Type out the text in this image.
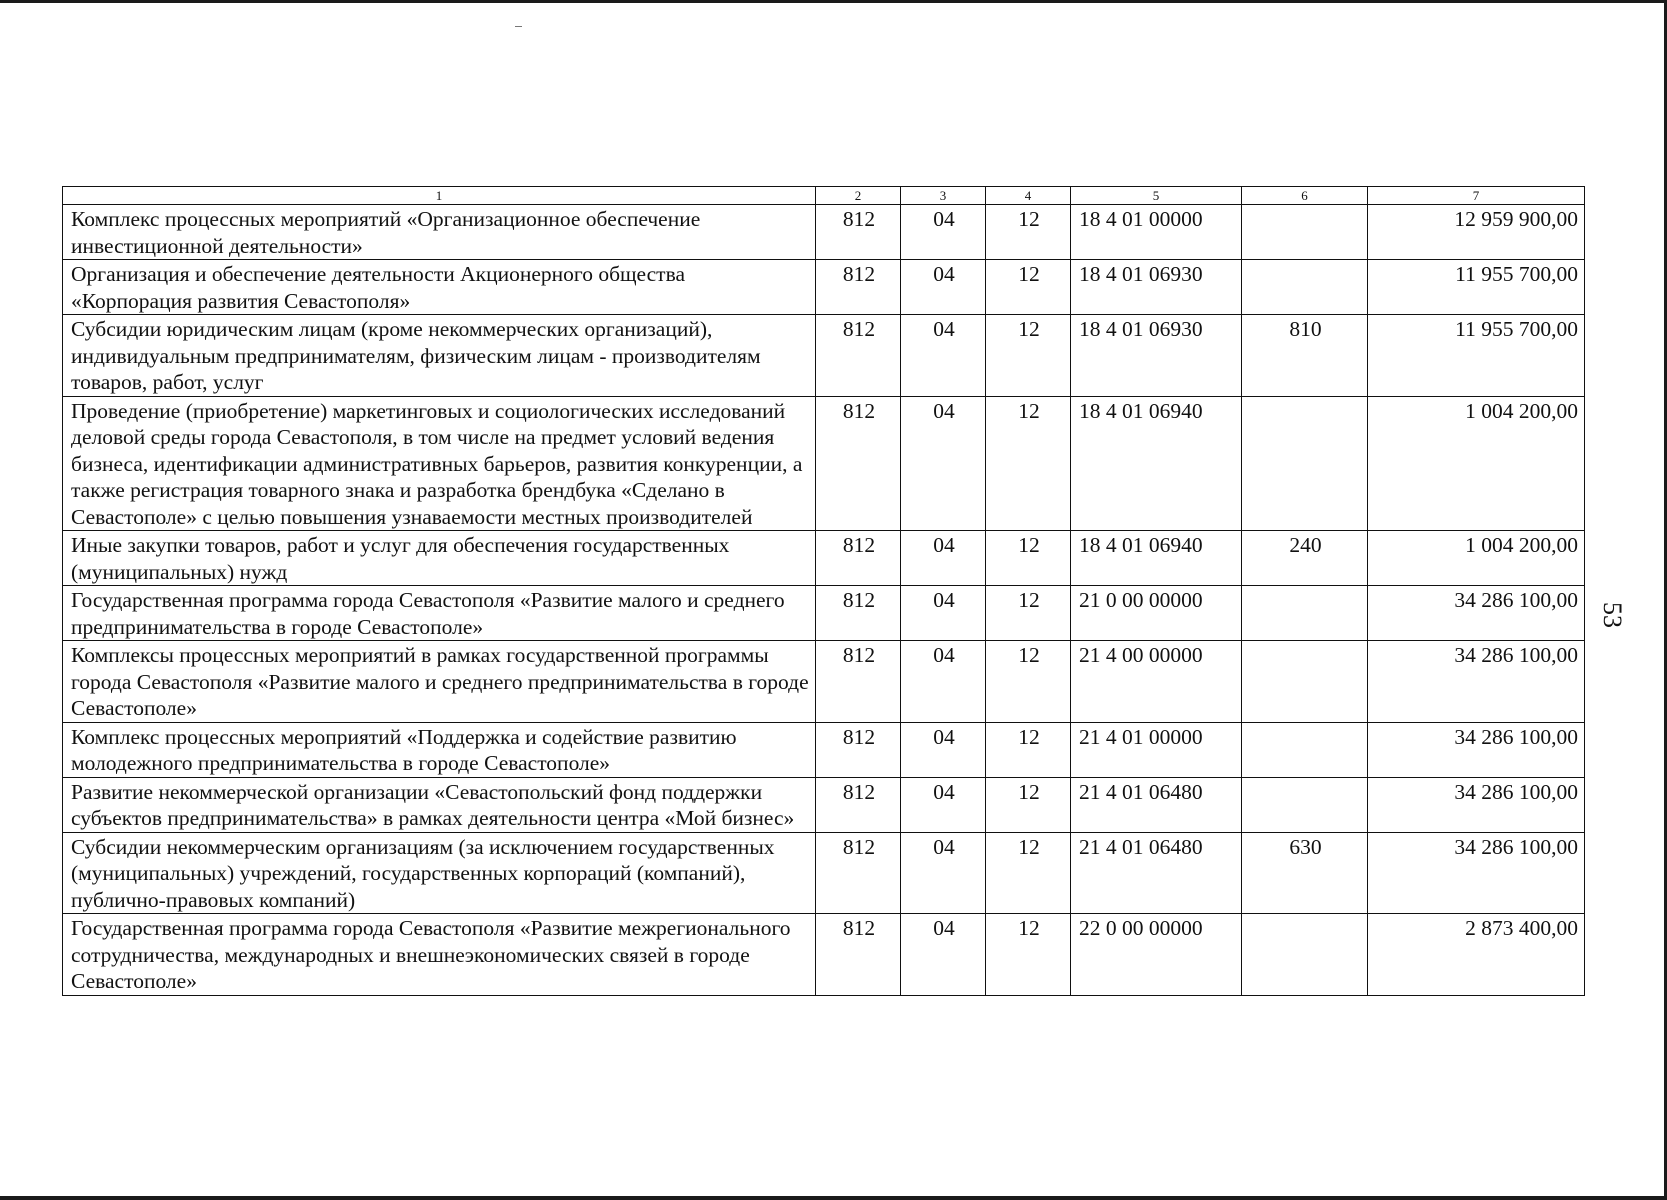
53
1	2	3	4	5	6	7
Комплекс процессных мероприятий «Организационное обеспечение инвестиционной деятельности»	812	04	12	18 4 01 00000		12 959 900,00
Организация и обеспечение деятельности Акционерного общества «Корпорация развития Севастополя»	812	04	12	18 4 01 06930		11 955 700,00
Субсидии юридическим лицам (кроме некоммерческих организаций), индивидуальным предпринимателям, физическим лицам - производителям товаров, работ, услуг	812	04	12	18 4 01 06930	810	11 955 700,00
Проведение (приобретение) маркетинговых и социологических исследований деловой среды города Севастополя, в том числе на предмет условий ведения бизнеса, идентификации административных барьеров, развития конкуренции, а также регистрация товарного знака и разработка брендбука «Сделано в Севастополе» с целью повышения узнаваемости местных производителей	812	04	12	18 4 01 06940		1 004 200,00
Иные закупки товаров, работ и услуг для обеспечения государственных (муниципальных) нужд	812	04	12	18 4 01 06940	240	1 004 200,00
Государственная программа города Севастополя «Развитие малого и среднего предпринимательства в городе Севастополе»	812	04	12	21 0 00 00000		34 286 100,00
Комплексы процессных мероприятий в рамках государственной программы города Севастополя «Развитие малого и среднего предпринимательства в городе Севастополе»	812	04	12	21 4 00 00000		34 286 100,00
Комплекс процессных мероприятий «Поддержка и содействие развитию молодежного предпринимательства в городе Севастополе»	812	04	12	21 4 01 00000		34 286 100,00
Развитие некоммерческой организации «Севастопольский фонд поддержки субъектов предпринимательства» в рамках деятельности центра «Мой бизнес»	812	04	12	21 4 01 06480		34 286 100,00
Субсидии некоммерческим организациям (за исключением государственных (муниципальных) учреждений, государственных корпораций (компаний), публично-правовых компаний)	812	04	12	21 4 01 06480	630	34 286 100,00
Государственная программа города Севастополя «Развитие межрегионального сотрудничества, международных и внешнеэкономических связей в городе Севастополе»	812	04	12	22 0 00 00000		2 873 400,00
